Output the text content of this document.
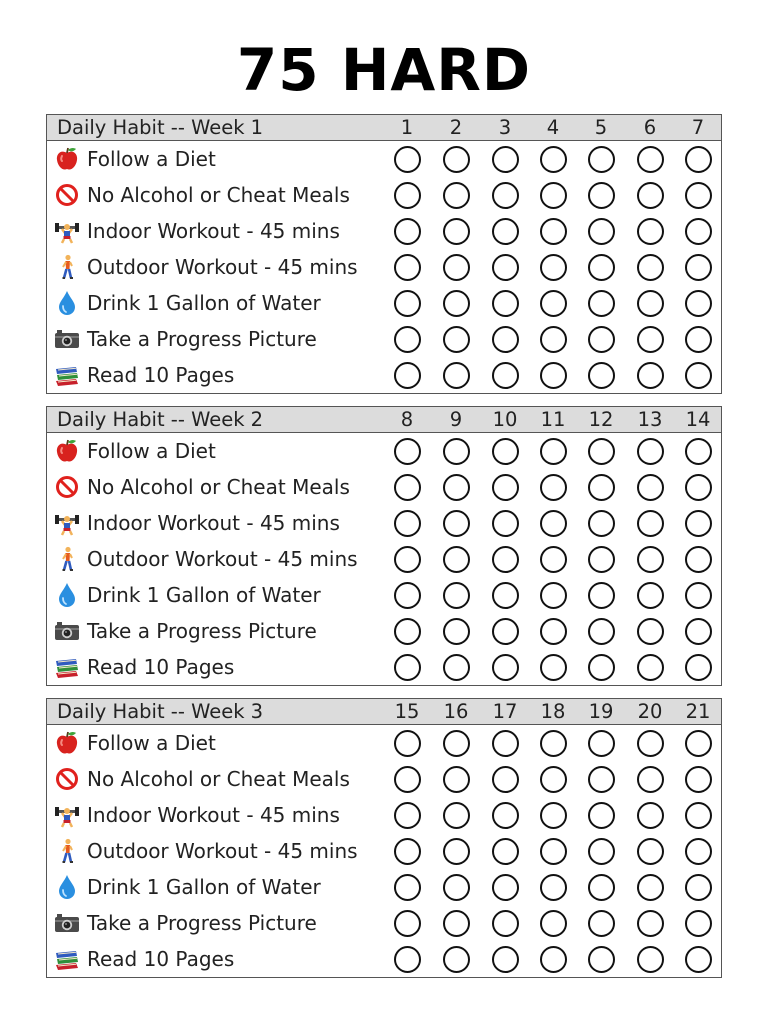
75 HARD
Daily Habit -- Week 1	1	2	3	4	5	6	7
Follow a Diet
No Alcohol or Cheat Meals
Indoor Workout - 45 mins
Outdoor Workout - 45 mins
Drink 1 Gallon of Water
Take a Progress Picture
Read 10 Pages
Daily Habit -- Week 2	8	9	10 11 12 13 14
Follow a Diet
No Alcohol or Cheat Meals
Indoor Workout - 45 mins
Outdoor Workout - 45 mins
Drink 1 Gallon of Water
Take a Progress Picture
Read 10 Pages
Daily Habit -- Week 3	15 16 17 18 19 20 21
Follow a Diet
No Alcohol or Cheat Meals
Indoor Workout - 45 mins
Outdoor Workout - 45 mins
Drink 1 Gallon of Water
Take a Progress Picture
Read 10 Pages
